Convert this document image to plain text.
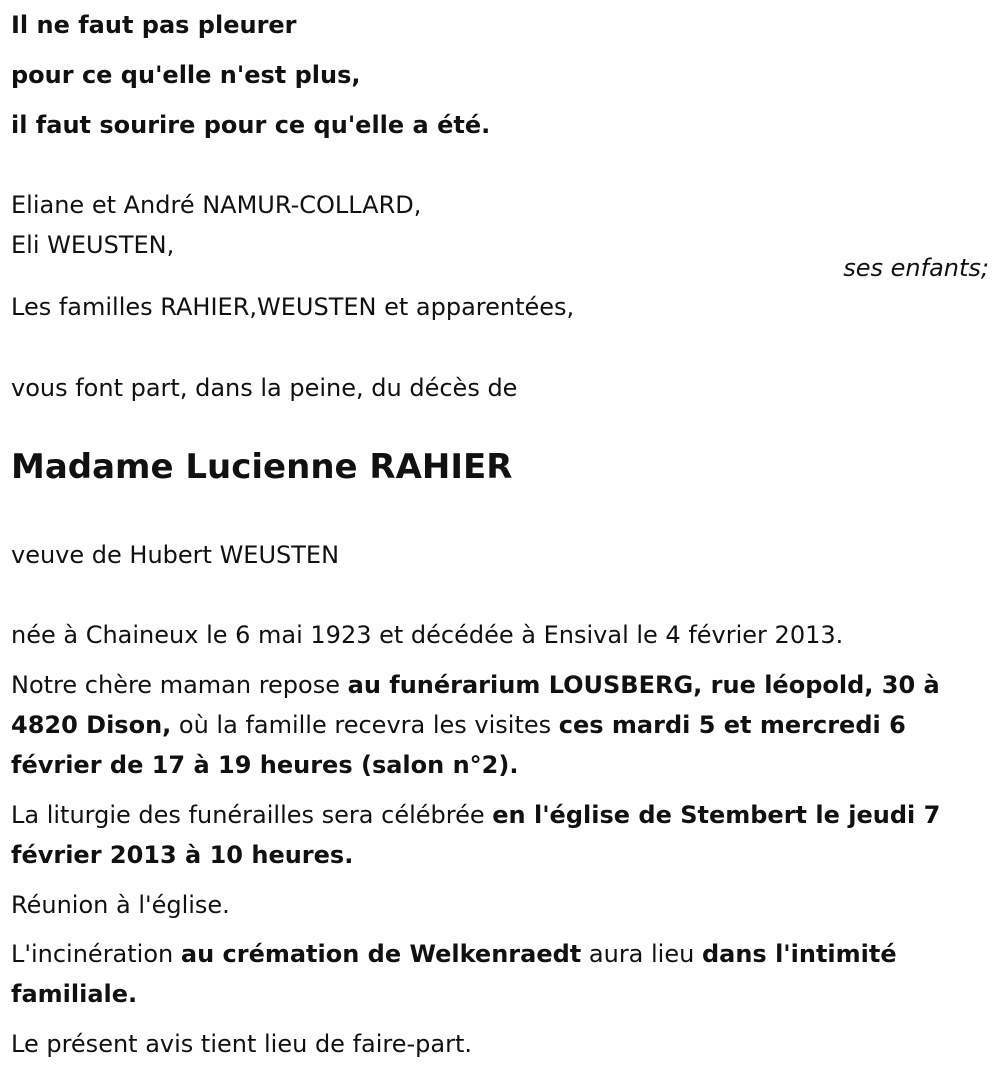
Il ne faut pas pleurer
pour ce qu'elle n'est plus,
il faut sourire pour ce qu'elle a été.
Eliane et André NAMUR-COLLARD,
Eli WEUSTEN,
ses enfants;
Les familles RAHIER,WEUSTEN et apparentées,
vous font part, dans la peine, du décès de
Madame Lucienne RAHIER
veuve de Hubert WEUSTEN
née à Chaineux le 6 mai 1923 et décédée à Ensival le 4 février 2013.
Notre chère maman repose au funérarium LOUSBERG, rue léopold, 30 à 4820 Dison, où la famille recevra les visites ces mardi 5 et mercredi 6 février de 17 à 19 heures (salon n°2).
La liturgie des funérailles sera célébrée en l'église de Stembert le jeudi 7 février 2013 à 10 heures.
Réunion à l'église.
L'incinération au crémation de Welkenraedt aura lieu dans l'intimité familiale.
Le présent avis tient lieu de faire-part.
